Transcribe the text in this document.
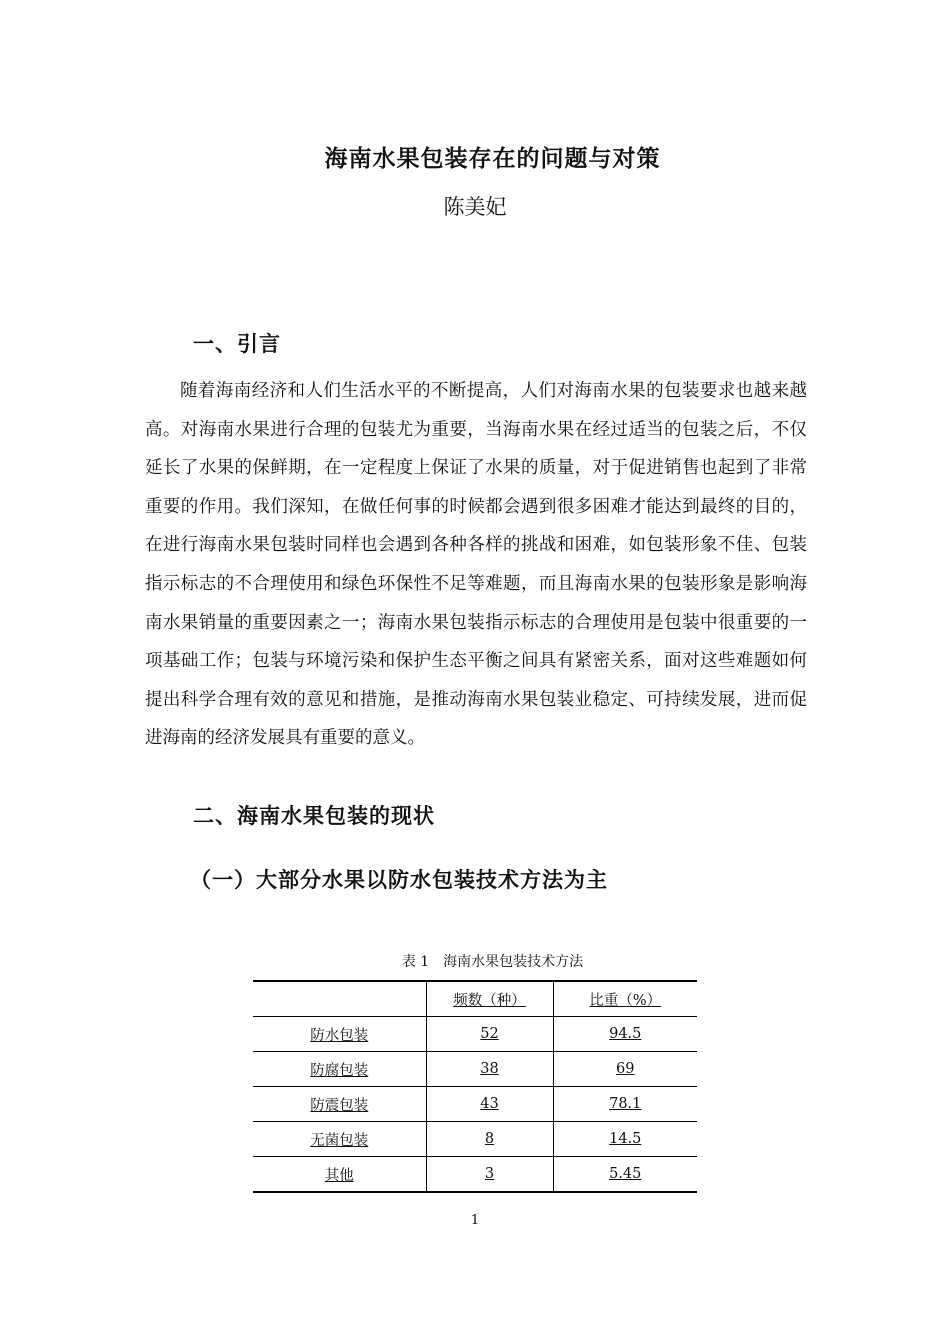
海南水果包装存在的问题与对策
陈美妃
一、引言

随着海南经济和人们生活水平的不断提高，人们对海南水果的包装要求也越来越高。对海南水果进行合理的包装尤为重要，当海南水果在经过适当的包装之后，不仅延长了水果的保鲜期，在一定程度上保证了水果的质量，对于促进销售也起到了非常重要的作用。我们深知，在做任何事的时候都会遇到很多困难才能达到最终的目的，在进行海南水果包装时同样也会遇到各种各样的挑战和困难，如包装形象不佳、包装指示标志的不合理使用和绿色环保性不足等难题，而且海南水果的包装形象是影响海南水果销量的重要因素之一；海南水果包装指示标志的合理使用是包装中很重要的一项基础工作；包装与环境污染和保护生态平衡之间具有紧密关系，面对这些难题如何提出科学合理有效的意见和措施，是推动海南水果包装业稳定、可持续发展，进而促进海南的经济发展具有重要的意义。

二、海南水果包装的现状
（一）大部分水果以防水包装技术方法为主
表 1　海南水果包装技术方法
	频数（种）	比重（%）
防水包装	52	94.5
防腐包装	38	69
防震包装	43	78.1
无菌包装	8	14.5
其他	3	5.45
1
